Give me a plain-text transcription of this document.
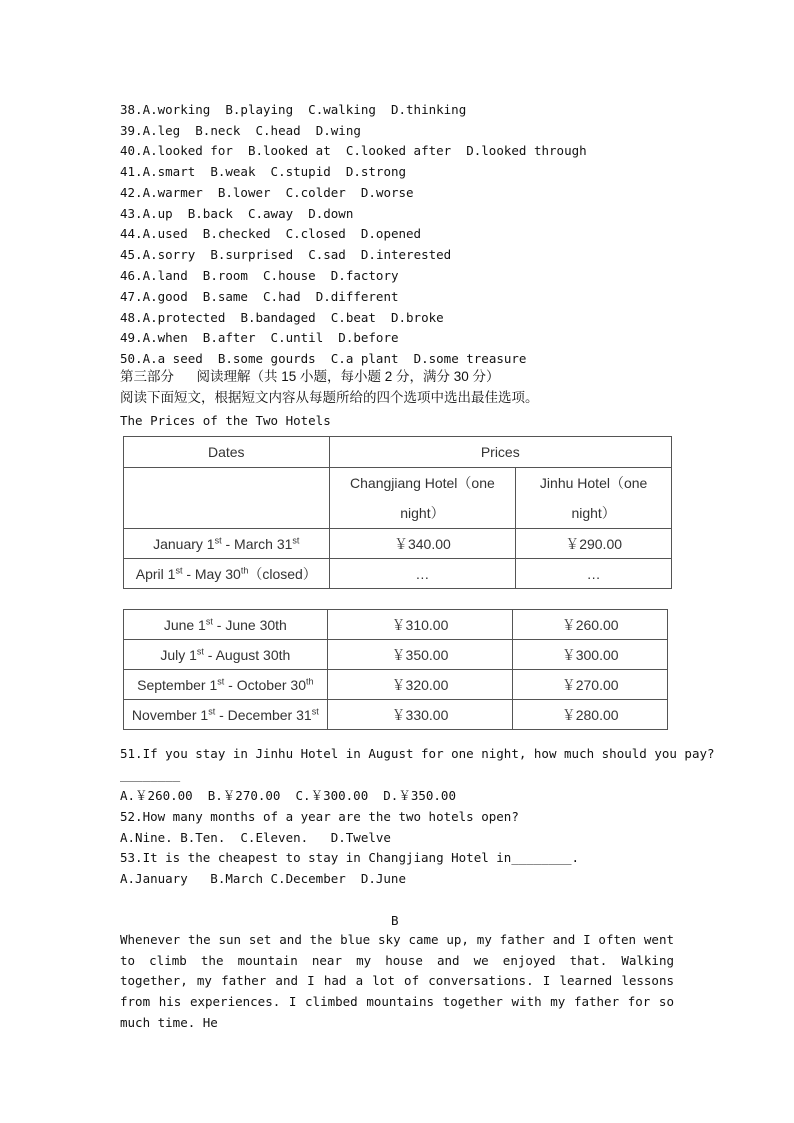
38.A.working B.playing C.walking D.thinking
39.A.leg B.neck C.head D.wing
40.A.looked for B.looked at C.looked after D.looked through
41.A.smart B.weak C.stupid D.strong
42.A.warmer B.lower C.colder D.worse
43.A.up B.back C.away D.down
44.A.used B.checked C.closed D.opened
45.A.sorry B.surprised C.sad D.interested
46.A.land B.room C.house D.factory
47.A.good B.same C.had D.different
48.A.protected B.bandaged C.beat D.broke
49.A.when B.after C.until D.before
50.A.a seed B.some gourds C.a plant D.some treasure
第三部分      阅读理解（共 15 小题，每小题 2 分，满分 30 分）
阅读下面短文，根据短文内容从每题所给的四个选项中选出最佳选项。
The Prices of the Two Hotels
Dates	Prices	
	Changjiang Hotel（one night）	Jinhu Hotel（one night）
January 1st - March 31st	￥340.00	￥290.00
April 1st - May 30th（closed）	…	…
June 1st - June 30th	￥310.00	￥260.00
July 1st - August 30th	￥350.00	￥300.00
September 1st - October 30th	￥320.00	￥270.00
November 1st - December 31st	￥330.00	￥280.00
51.If you stay in Jinhu Hotel in August for one night, how much should you pay?
________
A.￥260.00  B.￥270.00  C.￥300.00  D.￥350.00
52.How many months of a year are the two hotels open?
A.Nine. B.Ten.  C.Eleven.   D.Twelve
53.It is the cheapest to stay in Changjiang Hotel in________.
A.January   B.March C.December  D.June
B
Whenever the sun set and the blue sky came up, my father and I often went to climb the mountain near my house and we enjoyed that. Walking together, my father and I had a lot of conversations. I learned lessons from his experiences. I climbed mountains together with my father for so much time. He
